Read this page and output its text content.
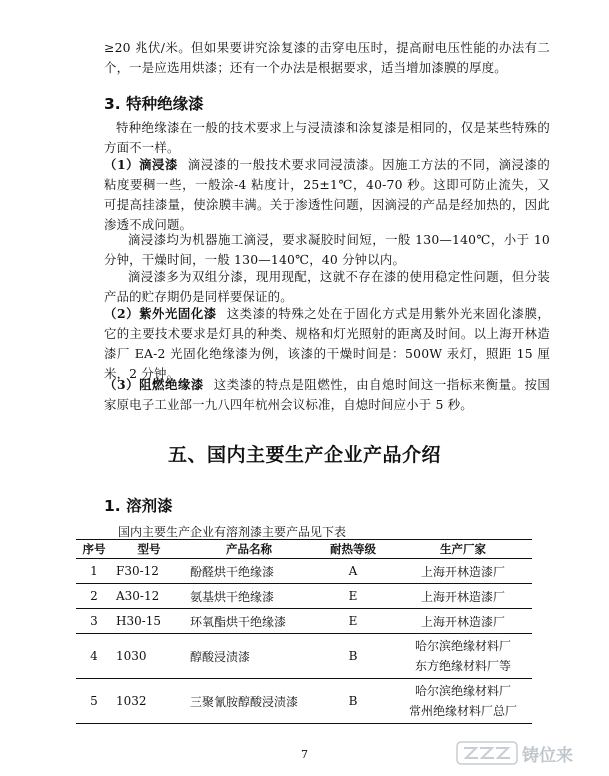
≥20 兆伏/米。但如果要讲究涂复漆的击穿电压时，提高耐电压性能的办法有二个，一是应选用烘漆；还有一个办法是根据要求，适当增加漆膜的厚度。
3. 特种绝缘漆
特种绝缘漆在一般的技术要求上与浸渍漆和涂复漆是相同的，仅是某些特殊的方面不一样。
（1）滴浸漆 滴浸漆的一般技术要求同浸渍漆。因施工方法的不同，滴浸漆的粘度要稠一些，一般涂-4 粘度计，25±1℃，40-70 秒。这即可防止流失，又可提高挂漆量，使涂膜丰满。关于渗透性问题，因滴浸的产品是经加热的，因此渗透不成问题。
滴浸漆均为机器施工滴浸，要求凝胶时间短，一般 130—140℃，小于 10 分钟，干燥时间，一般 130—140℃，40 分钟以内。
滴浸漆多为双组分漆，现用现配，这就不存在漆的使用稳定性问题，但分装产品的贮存期仍是同样要保证的。
（2）紫外光固化漆 这类漆的特殊之处在于固化方式是用紫外光来固化漆膜，它的主要技术要求是灯具的种类、规格和灯光照射的距离及时间。以上海开林造漆厂 EA-2 光固化绝缘漆为例，该漆的干燥时间是：500W 汞灯，照距 15 厘米，2 分钟。
（3）阻燃绝缘漆 这类漆的特点是阻燃性，由自熄时间这一指标来衡量。按国家原电子工业部一九八四年杭州会议标准，自熄时间应小于 5 秒。
五、国内主要生产企业产品介绍
1. 溶剂漆
国内主要生产企业有溶剂漆主要产品见下表
序号	型号	产品名称	耐热等级	生产厂家
1	F30-12	酚醛烘干绝缘漆	A	上海开林造漆厂
2	A30-12	氨基烘干绝缘漆	E	上海开林造漆厂
3	H30-15	环氧酯烘干绝缘漆	E	上海开林造漆厂
4	1030	醇酸浸渍漆	B	哈尔滨绝缘材料厂
东方绝缘材料厂等

5	1032	三聚氰胺醇酸浸渍漆	B	哈尔滨绝缘材料厂
常州绝缘材料厂总厂
7	铸位来
